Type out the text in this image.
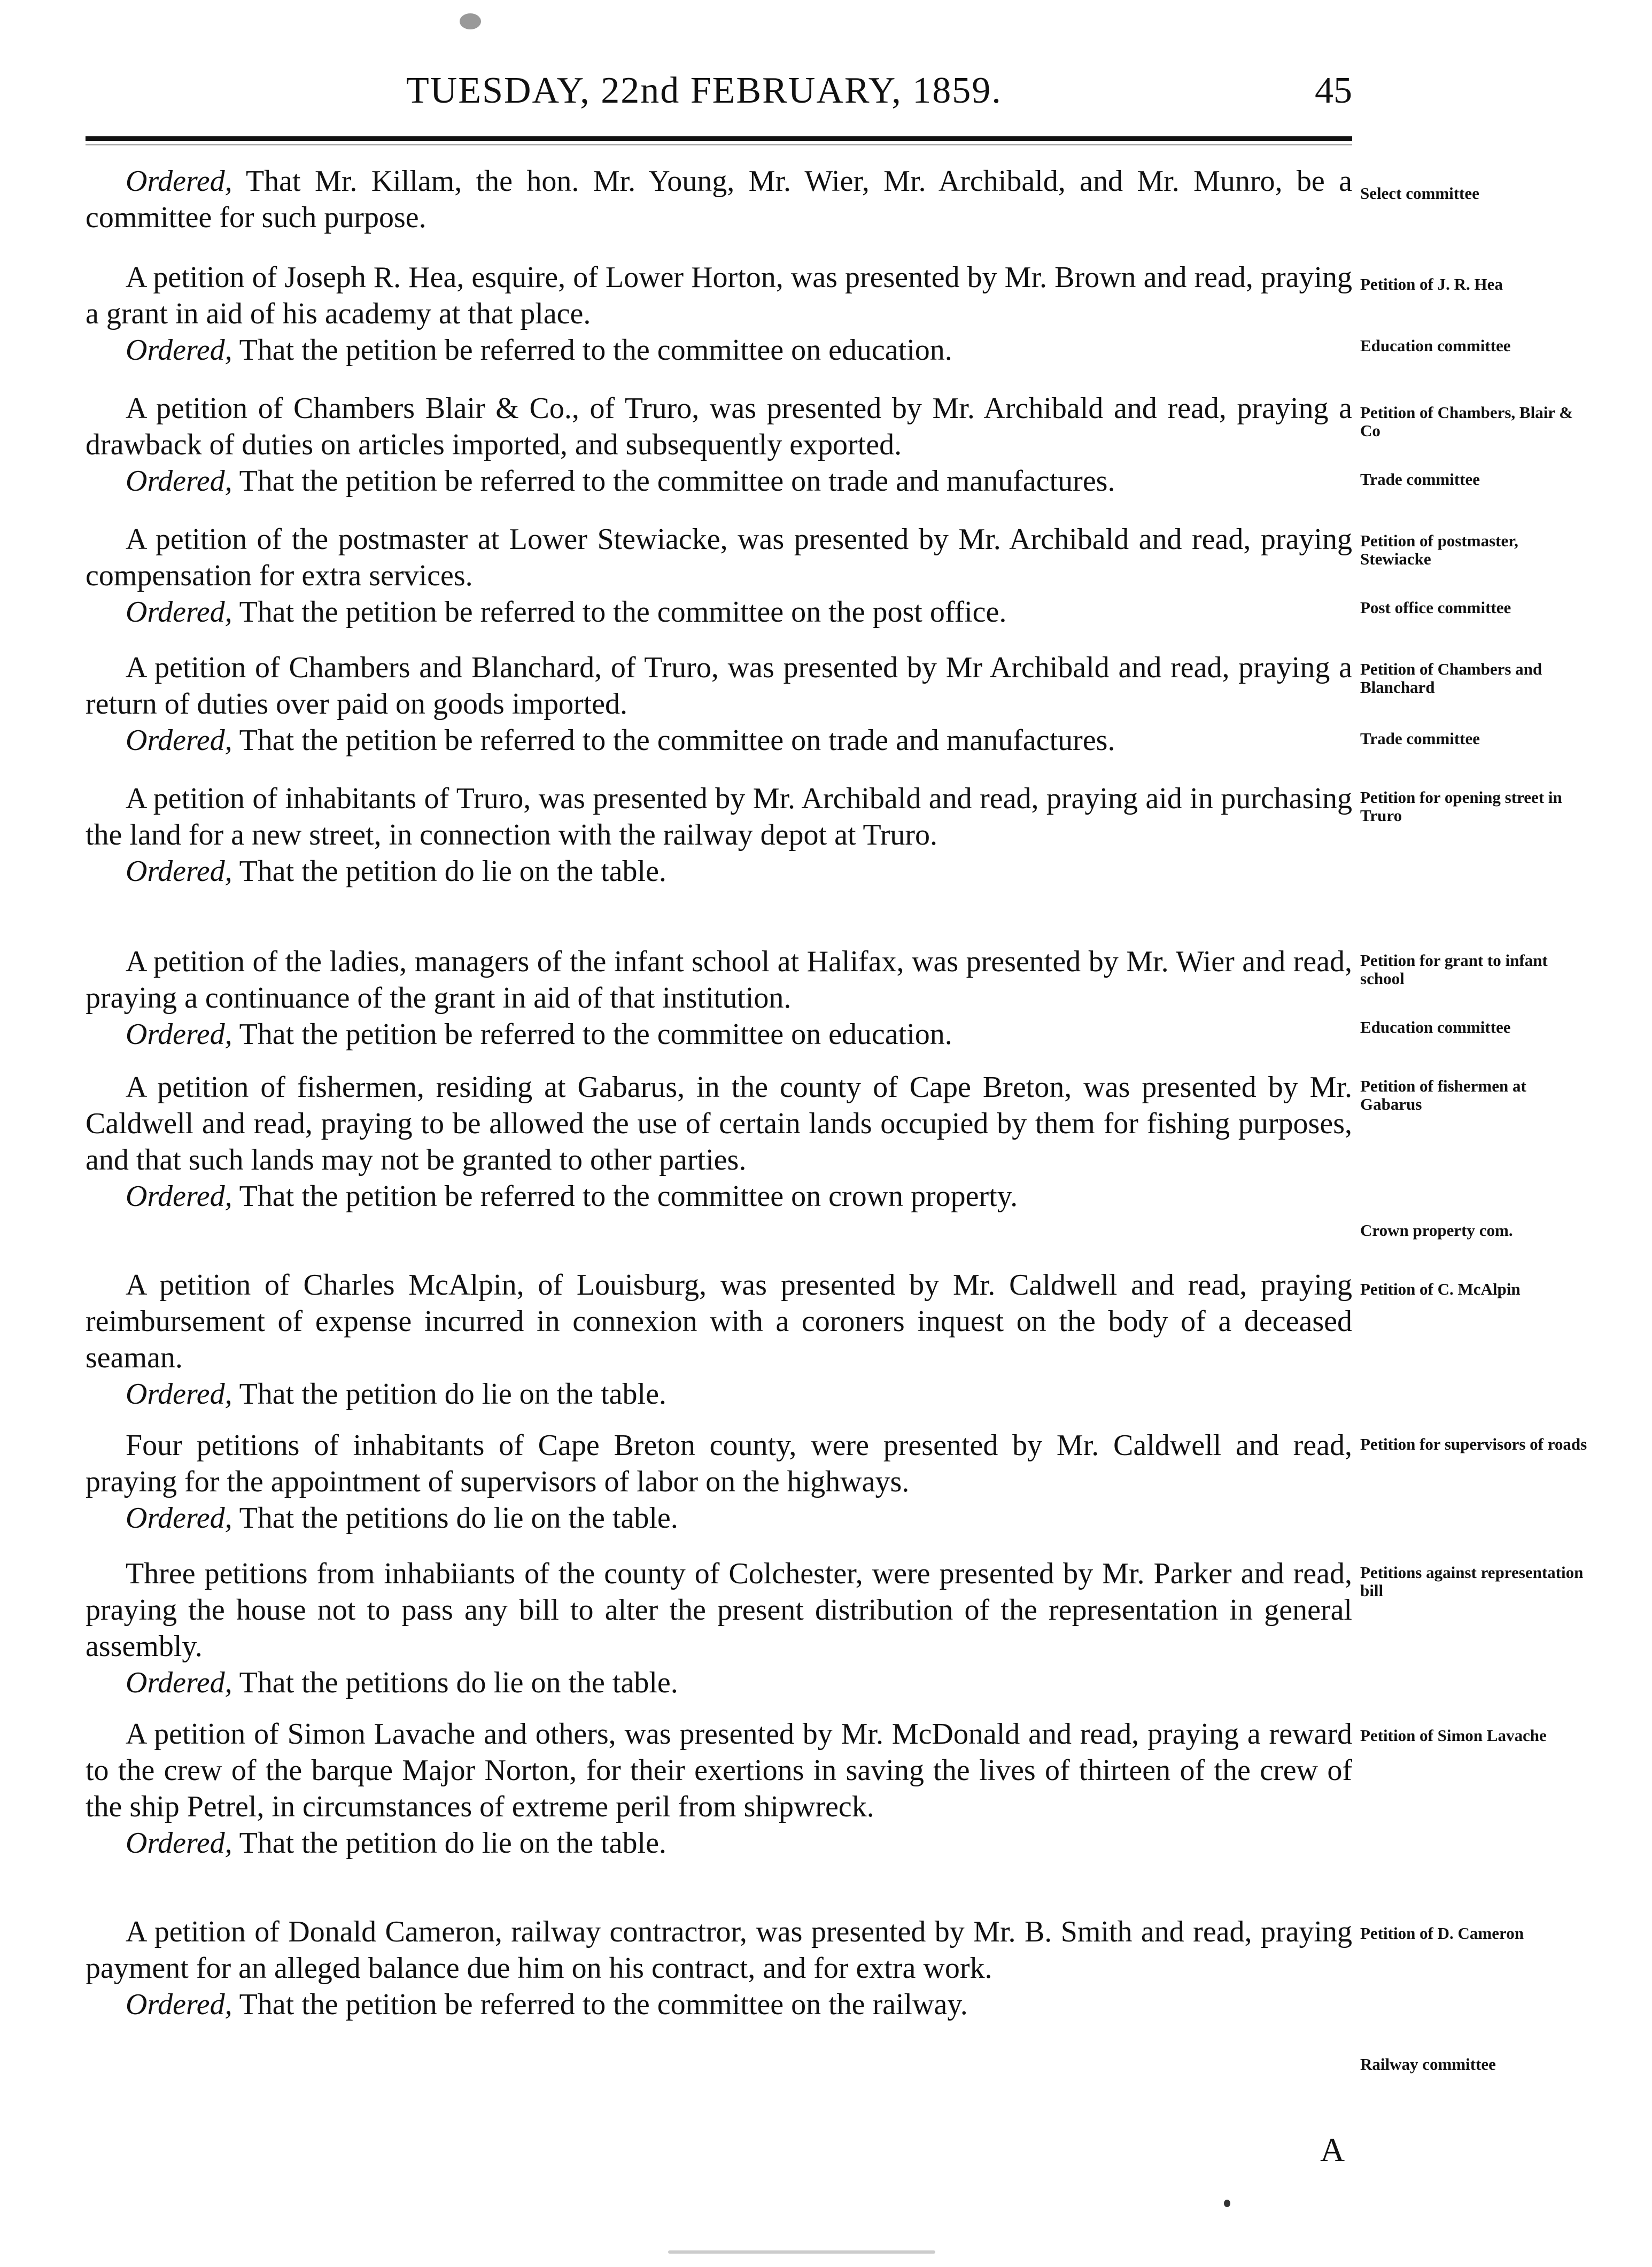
TUESDAY, 22nd FEBRUARY, 1859.	45

Ordered, That Mr. Killam, the hon. Mr. Young, Mr. Wier, Mr. Archibald, and Mr. Munro, be a committee for such purpose.

Select committee

A petition of Joseph R. Hea, esquire, of Lower Horton, was presented by Mr. Brown and read, praying a grant in aid of his academy at that place.

Ordered, That the petition be referred to the committee on education.

Petition of J. R. Hea
Education committee

A petition of Chambers Blair & Co., of Truro, was presented by Mr. Archibald and read, praying a drawback of duties on articles imported, and subsequently exported.

Ordered, That the petition be referred to the committee on trade and manufactures.

Petition of Chambers, Blair & Co
Trade committee

A petition of the postmaster at Lower Stewiacke, was presented by Mr. Archibald and read, praying compensation for extra services.

Ordered, That the petition be referred to the committee on the post office.

Petition of postmaster, Stewiacke
Post office committee

A petition of Chambers and Blanchard, of Truro, was presented by Mr Archibald and read, praying a return of duties over paid on goods imported.

Ordered, That the petition be referred to the committee on trade and manufactures.

Petition of Chambers and Blanchard
Trade committee

A petition of inhabitants of Truro, was presented by Mr. Archibald and read, praying aid in purchasing the land for a new street, in connection with the railway depot at Truro.

Ordered, That the petition do lie on the table.

Petition for opening street in Truro

A petition of the ladies, managers of the infant school at Halifax, was presented by Mr. Wier and read, praying a continuance of the grant in aid of that institution.

Ordered, That the petition be referred to the committee on education.

Petition for grant to infant school
Education committee

A petition of fishermen, residing at Gabarus, in the county of Cape Breton, was presented by Mr. Caldwell and read, praying to be allowed the use of certain lands occupied by them for fishing purposes, and that such lands may not be granted to other parties.

Ordered, That the petition be referred to the committee on crown property.

Petition of fishermen at Gabarus
Crown property com.

A petition of Charles McAlpin, of Louisburg, was presented by Mr. Caldwell and read, praying reimbursement of expense incurred in connexion with a coroners inquest on the body of a deceased seaman.

Ordered, That the petition do lie on the table.

Petition of C. McAlpin

Four petitions of inhabitants of Cape Breton county, were presented by Mr. Caldwell and read, praying for the appointment of supervisors of labor on the highways.

Ordered, That the petitions do lie on the table.

Petition for supervisors of roads

Three petitions from inhabiiants of the county of Colchester, were presented by Mr. Parker and read, praying the house not to pass any bill to alter the present distribution of the representation in general assembly.

Ordered, That the petitions do lie on the table.

Petitions against representation bill

A petition of Simon Lavache and others, was presented by Mr. McDonald and read, praying a reward to the crew of the barque Major Norton, for their exertions in saving the lives of thirteen of the crew of the ship Petrel, in circumstances of extreme peril from shipwreck.

Ordered, That the petition do lie on the table.

Petition of Simon Lavache

A petition of Donald Cameron, railway contractror, was presented by Mr. B. Smith and read, praying payment for an alleged balance due him on his contract, and for extra work.

Ordered, That the petition be referred to the committee on the railway.

Petition of D. Cameron
Railway committee
A
